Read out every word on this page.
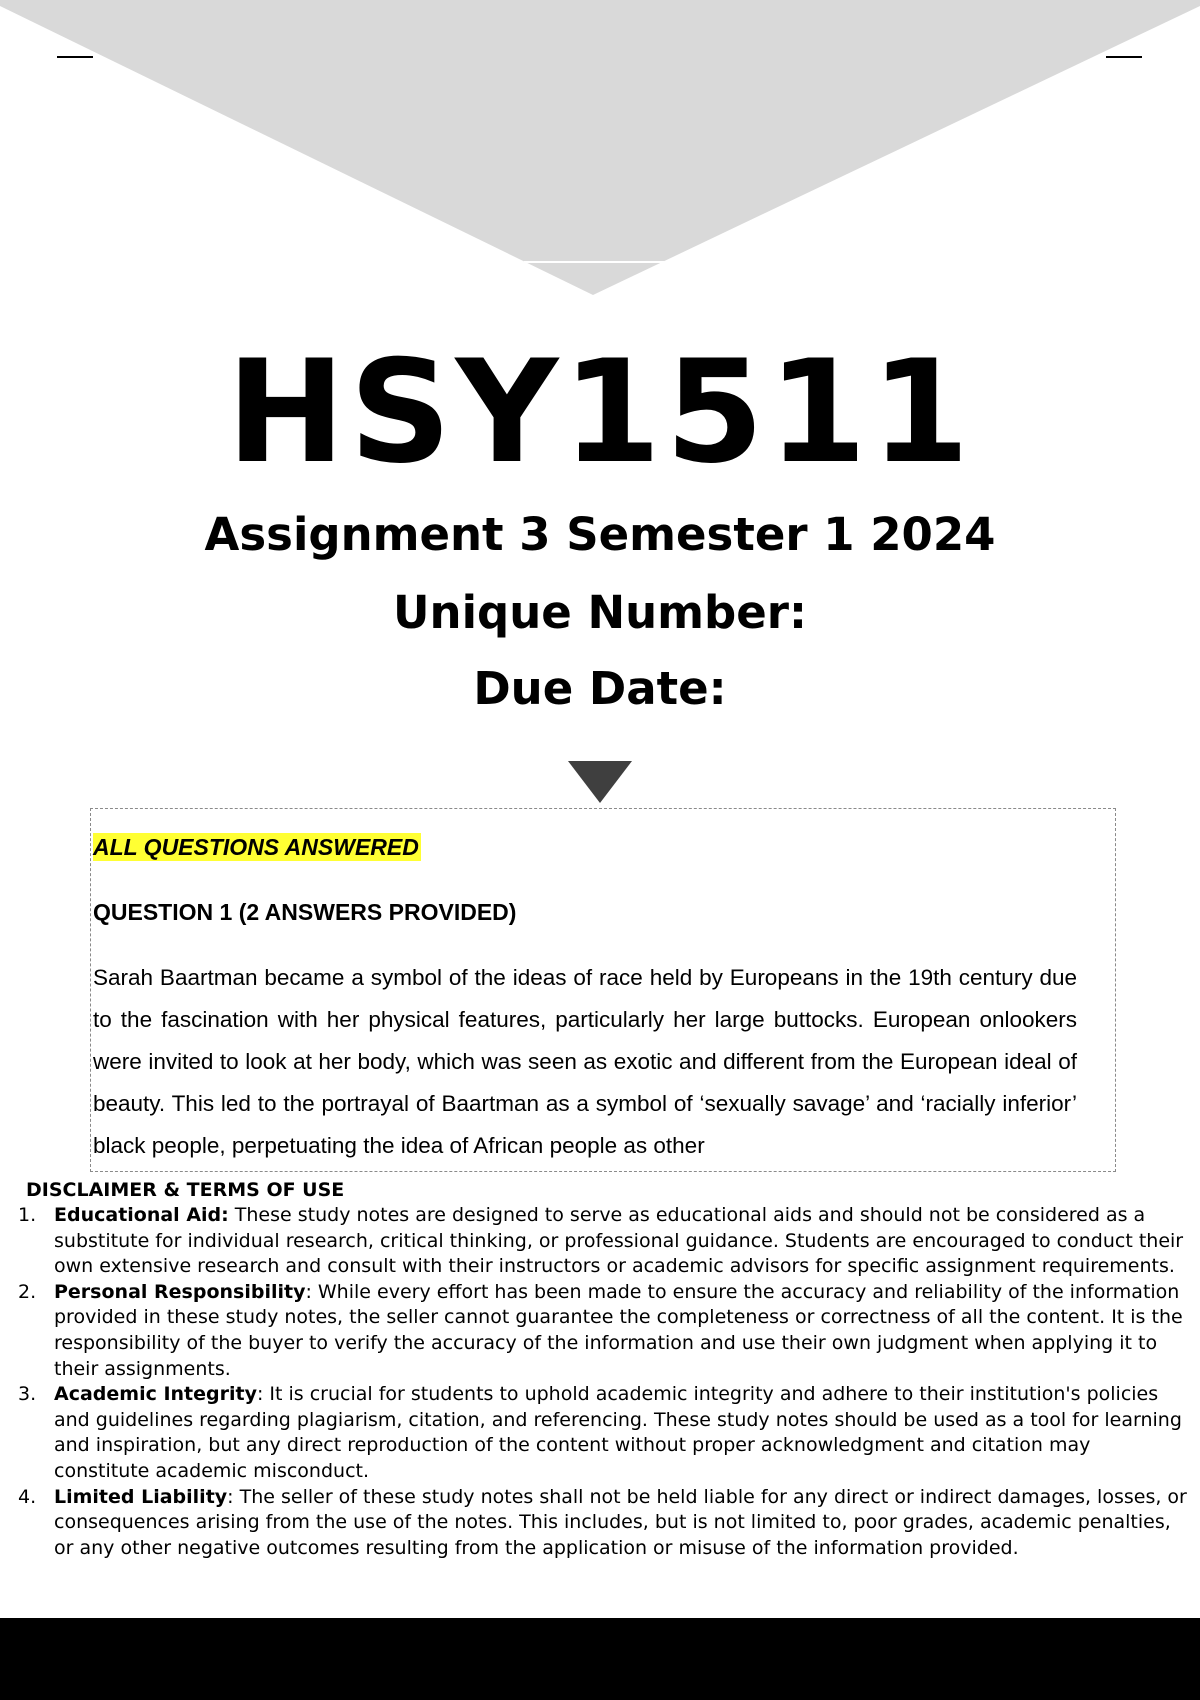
HSY1511
Assignment 3 Semester 1 2024
Unique Number:
Due Date:
ALL QUESTIONS ANSWERED
QUESTION 1 (2 ANSWERS PROVIDED)

Sarah Baartman became a symbol of the ideas of race held by Europeans in the 19th century due to the fascination with her physical features, particularly her large buttocks. European onlookers were invited to look at her body, which was seen as exotic and different from the European ideal of beauty. This led to the portrayal of Baartman as a symbol of ‘sexually savage’ and ‘racially inferior’ black people, perpetuating the idea of African people as other

DISCLAIMER & TERMS OF USE
1. Educational Aid: These study notes are designed to serve as educational aids and should not be considered as a substitute for individual research, critical thinking, or professional guidance. Students are encouraged to conduct their own extensive research and consult with their instructors or academic advisors for specific assignment requirements.
2. Personal Responsibility: While every effort has been made to ensure the accuracy and reliability of the information provided in these study notes, the seller cannot guarantee the completeness or correctness of all the content. It is the responsibility of the buyer to verify the accuracy of the information and use their own judgment when applying it to their assignments.
3. Academic Integrity: It is crucial for students to uphold academic integrity and adhere to their institution's policies and guidelines regarding plagiarism, citation, and referencing. These study notes should be used as a tool for learning and inspiration, but any direct reproduction of the content without proper acknowledgment and citation may constitute academic misconduct.
4. Limited Liability: The seller of these study notes shall not be held liable for any direct or indirect damages, losses, or consequences arising from the use of the notes. This includes, but is not limited to, poor grades, academic penalties, or any other negative outcomes resulting from the application or misuse of the information provided.
